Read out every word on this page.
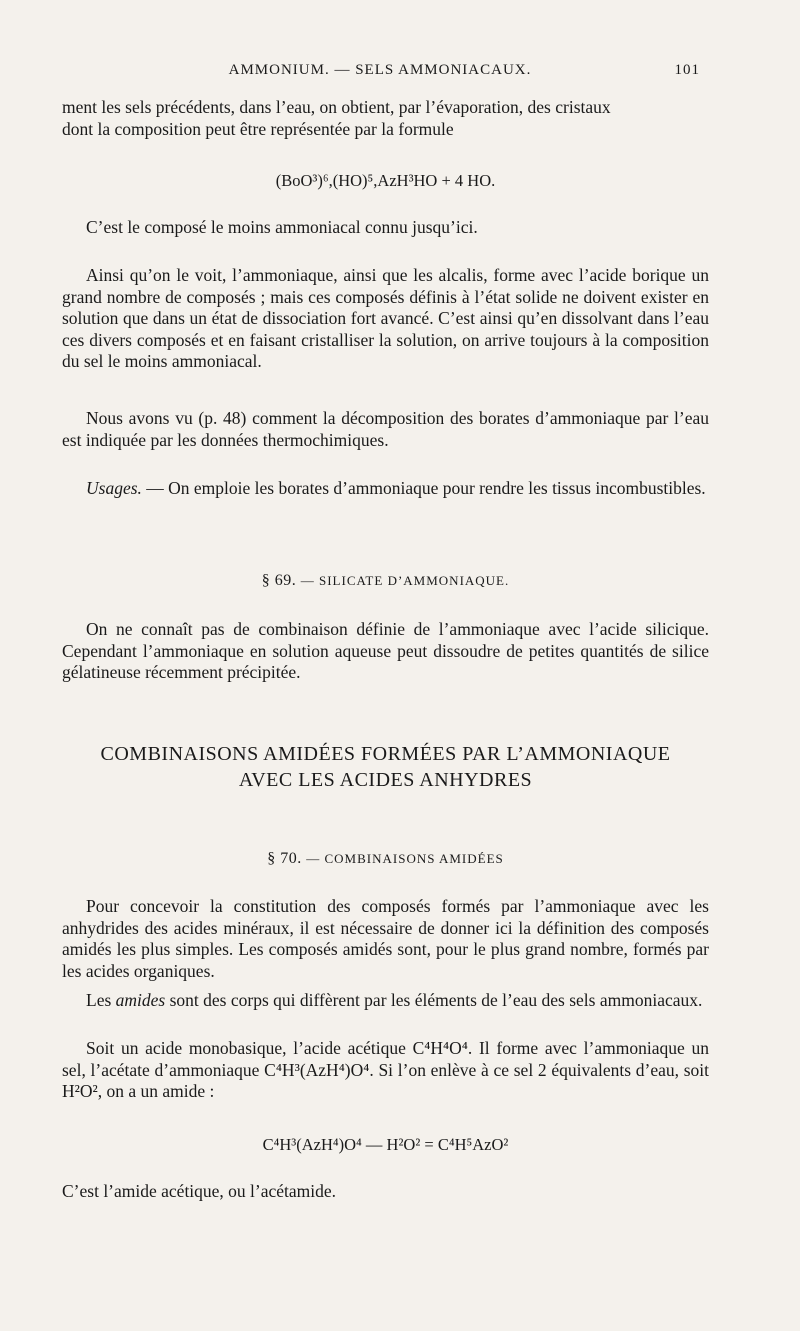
AMMONIUM. — SELS AMMONIACAUX.	101

ment les sels précédents, dans l’eau, on obtient, par l’évaporation, des cristaux

dont la composition peut être représentée par la formule

(BoO³)⁶,(HO)⁵,AzH³HO + 4 HO.

C’est le composé le moins ammoniacal connu jusqu’ici.

Ainsi qu’on le voit, l’ammoniaque, ainsi que les alcalis, forme avec l’acide borique un grand nombre de composés ; mais ces composés définis à l’état solide ne doivent exister en solution que dans un état de dissociation fort avancé. C’est ainsi qu’en dissolvant dans l’eau ces divers composés et en faisant cristalliser la solution, on arrive toujours à la composition du sel le moins ammoniacal.

Nous avons vu (p. 48) comment la décomposition des borates d’ammoniaque par l’eau est indiquée par les données thermochimiques.

Usages. — On emploie les borates d’ammoniaque pour rendre les tissus incombustibles.

§ 69. — SILICATE D’AMMONIAQUE.

On ne connaît pas de combinaison définie de l’ammoniaque avec l’acide silicique. Cependant l’ammoniaque en solution aqueuse peut dissoudre de petites quantités de silice gélatineuse récemment précipitée.

COMBINAISONS AMIDÉES FORMÉES PAR L’AMMONIAQUE
AVEC LES ACIDES ANHYDRES
§ 70. — COMBINAISONS AMIDÉES

Pour concevoir la constitution des composés formés par l’ammoniaque avec les anhydrides des acides minéraux, il est nécessaire de donner ici la définition des composés amidés les plus simples. Les composés amidés sont, pour le plus grand nombre, formés par les acides organiques.

Les amides sont des corps qui diffèrent par les éléments de l’eau des sels ammoniacaux.

Soit un acide monobasique, l’acide acétique C⁴H⁴O⁴. Il forme avec l’ammoniaque un sel, l’acétate d’ammoniaque C⁴H³(AzH⁴)O⁴. Si l’on enlève à ce sel 2 équivalents d’eau, soit H²O², on a un amide :

C⁴H³(AzH⁴)O⁴ — H²O² = C⁴H⁵AzO²

C’est l’amide acétique, ou l’acétamide.
